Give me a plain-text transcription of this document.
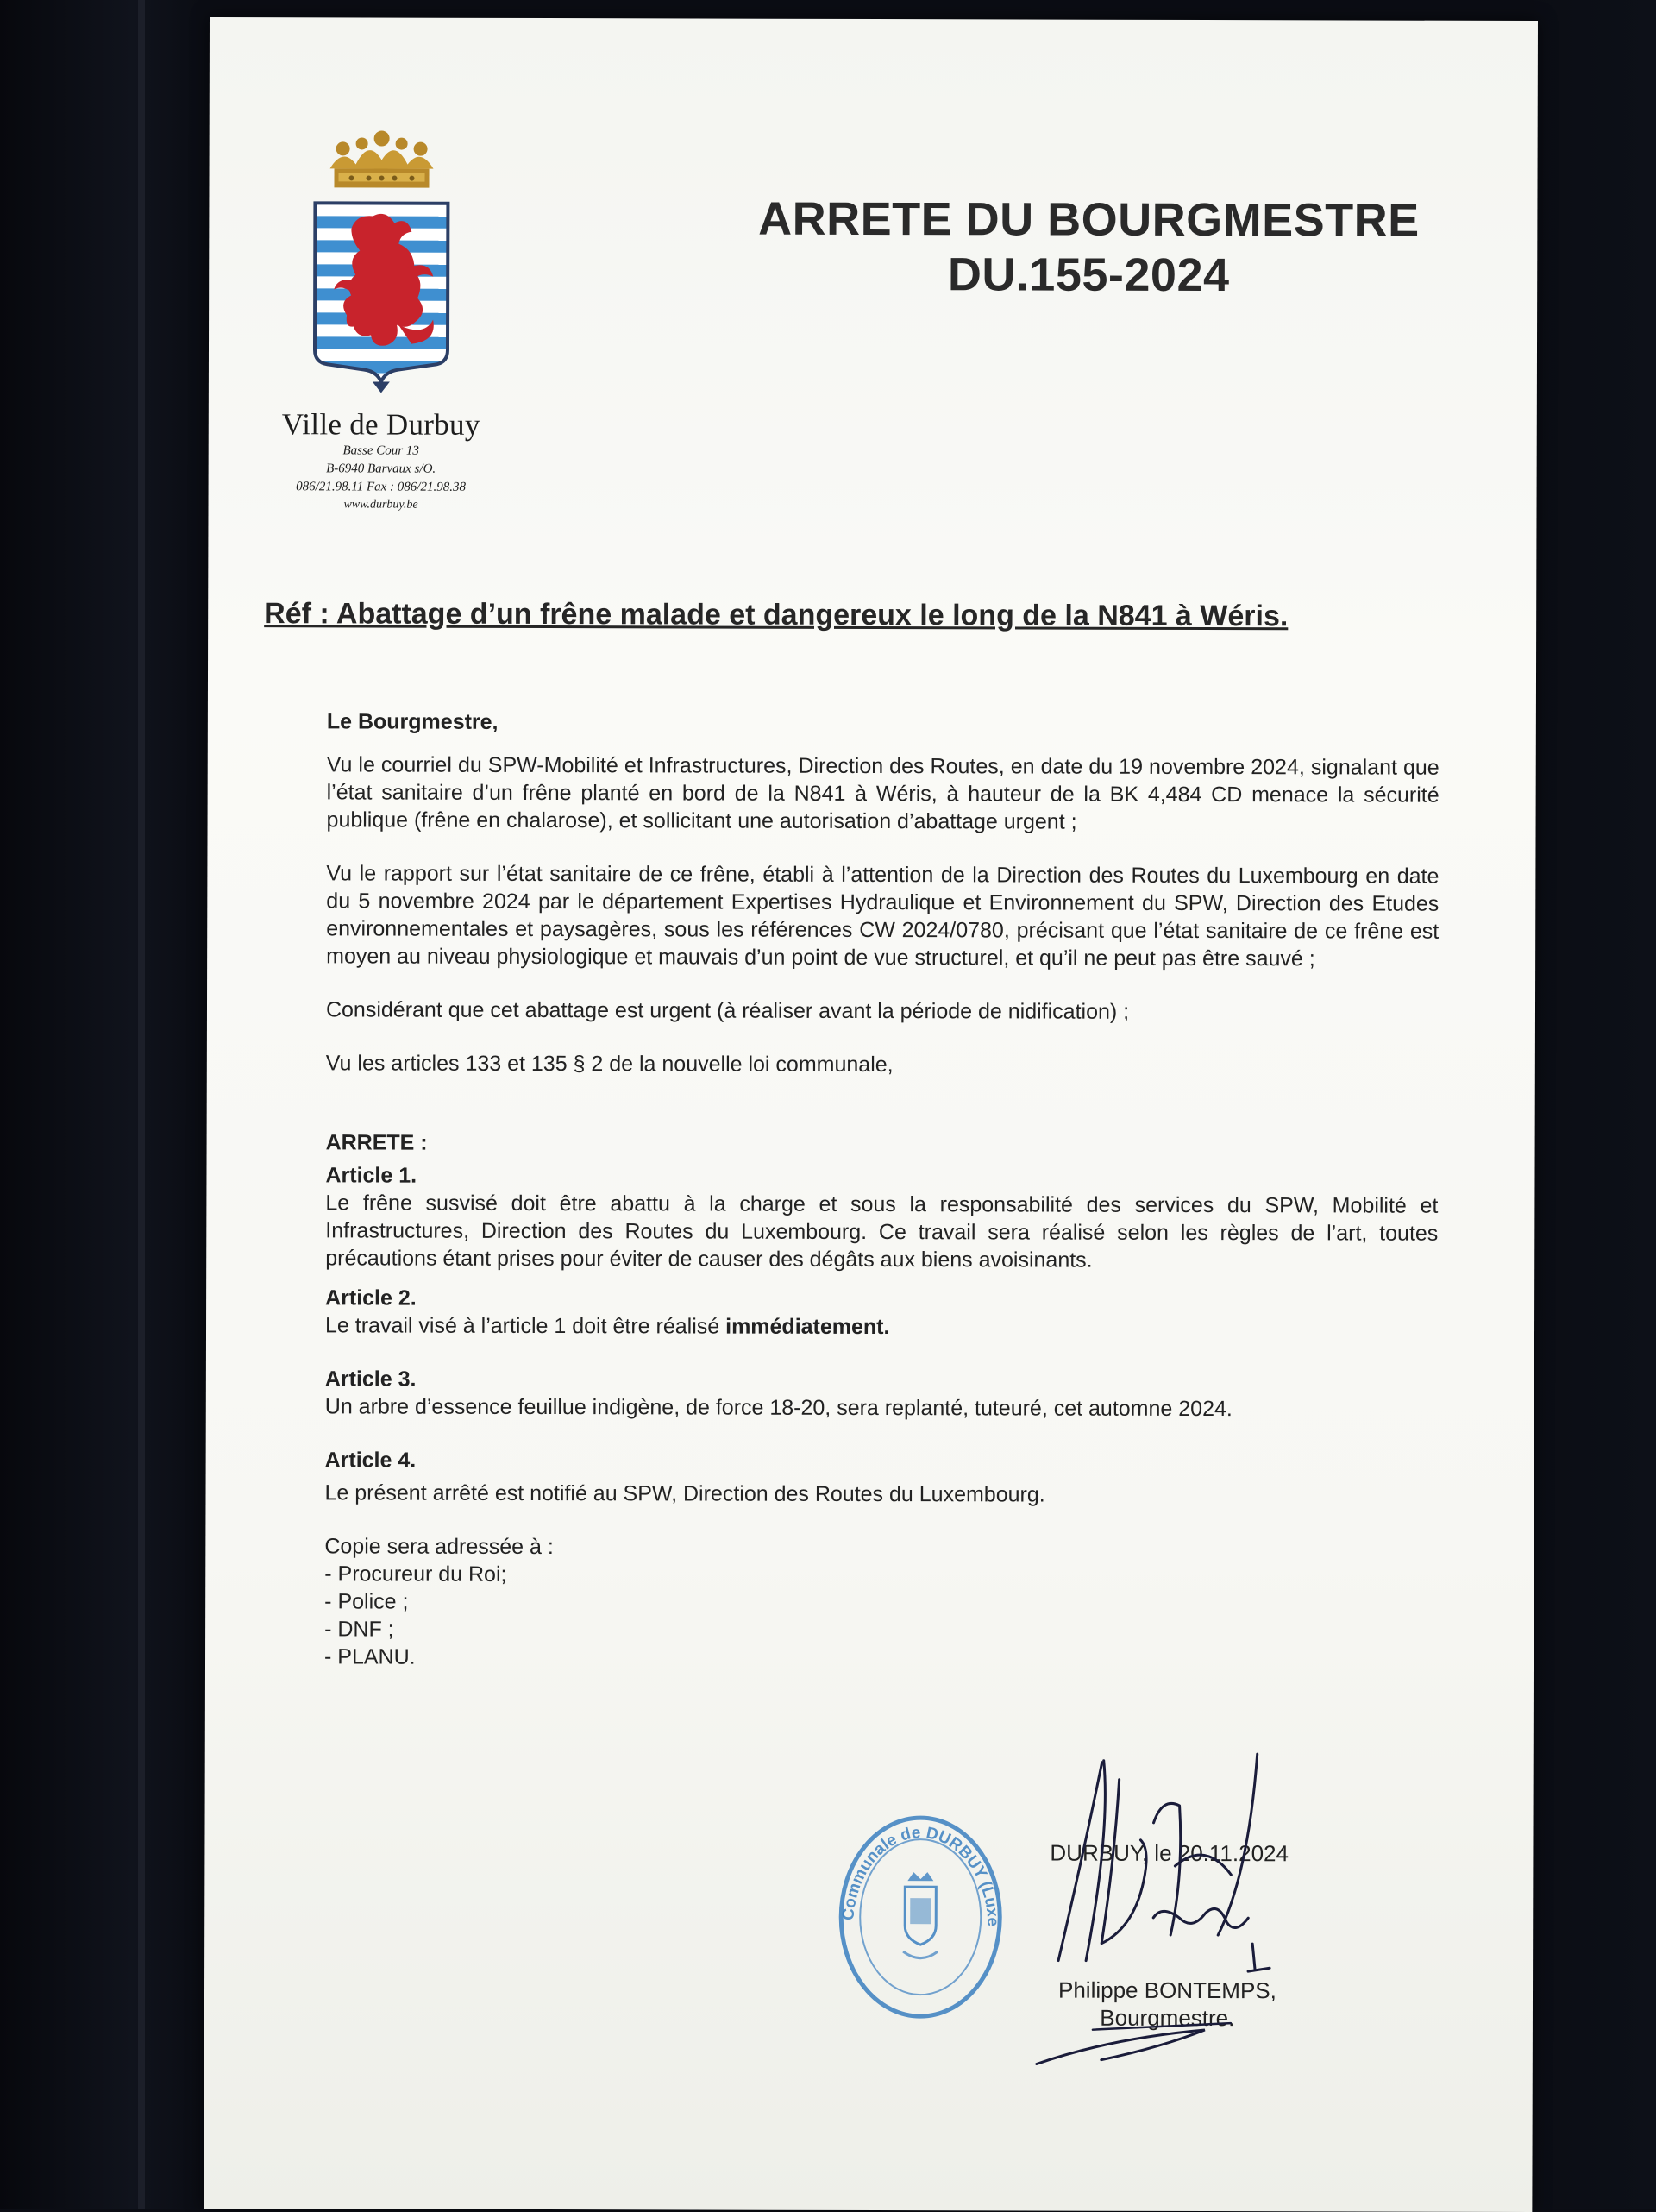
Ville de Durbuy
Basse Cour 13
B-6940 Barvaux s/O.
086/21.98.11 Fax : 086/21.98.38
www.durbuy.be
ARRETE DU BOURGMESTRE
DU.155-2024
Réf : Abattage d’un frêne malade et dangereux le long de la N841 à Wéris.

Le Bourgmestre,

Vu le courriel du SPW-Mobilité et Infrastructures, Direction des Routes, en date du 19 novembre 2024, signalant que l’état sanitaire d’un frêne planté en bord de la N841 à Wéris, à hauteur de la BK 4,484 CD menace la sécurité publique (frêne en chalarose), et sollicitant une autorisation d’abattage urgent ;

Vu le rapport sur l’état sanitaire de ce frêne, établi à l’attention de la Direction des Routes du Luxembourg en date du 5 novembre 2024 par le département Expertises Hydraulique et Environnement du SPW, Direction des Etudes environnementales et paysagères, sous les références CW 2024/0780, précisant que l’état sanitaire de ce frêne est moyen au niveau physiologique et mauvais d’un point de vue structurel, et qu’il ne peut pas être sauvé ;

Considérant que cet abattage est urgent (à réaliser avant la période de nidification) ;

Vu les articles 133 et 135 § 2 de la nouvelle loi communale,

ARRETE :

Article 1.

Le frêne susvisé doit être abattu à la charge et sous la responsabilité des services du SPW, Mobilité et Infrastructures, Direction des Routes du Luxembourg. Ce travail sera réalisé selon les règles de l’art, toutes précautions étant prises pour éviter de causer des dégâts aux biens avoisinants.

Article 2.

Le travail visé à l’article 1 doit être réalisé immédiatement.

Article 3.

Un arbre d’essence feuillue indigène, de force 18-20, sera replanté, tuteuré, cet automne 2024.

Article 4.

Le présent arrêté est notifié au SPW, Direction des Routes du Luxembourg.

Copie sera adressée à :

- Procureur du Roi;
- Police ;
- DNF ;
- PLANU.
Communale de DURBUY (Luxembourg)-Adm.
DURBUY, le 20.11.2024
Philippe BONTEMPS,
Bourgmestre.
